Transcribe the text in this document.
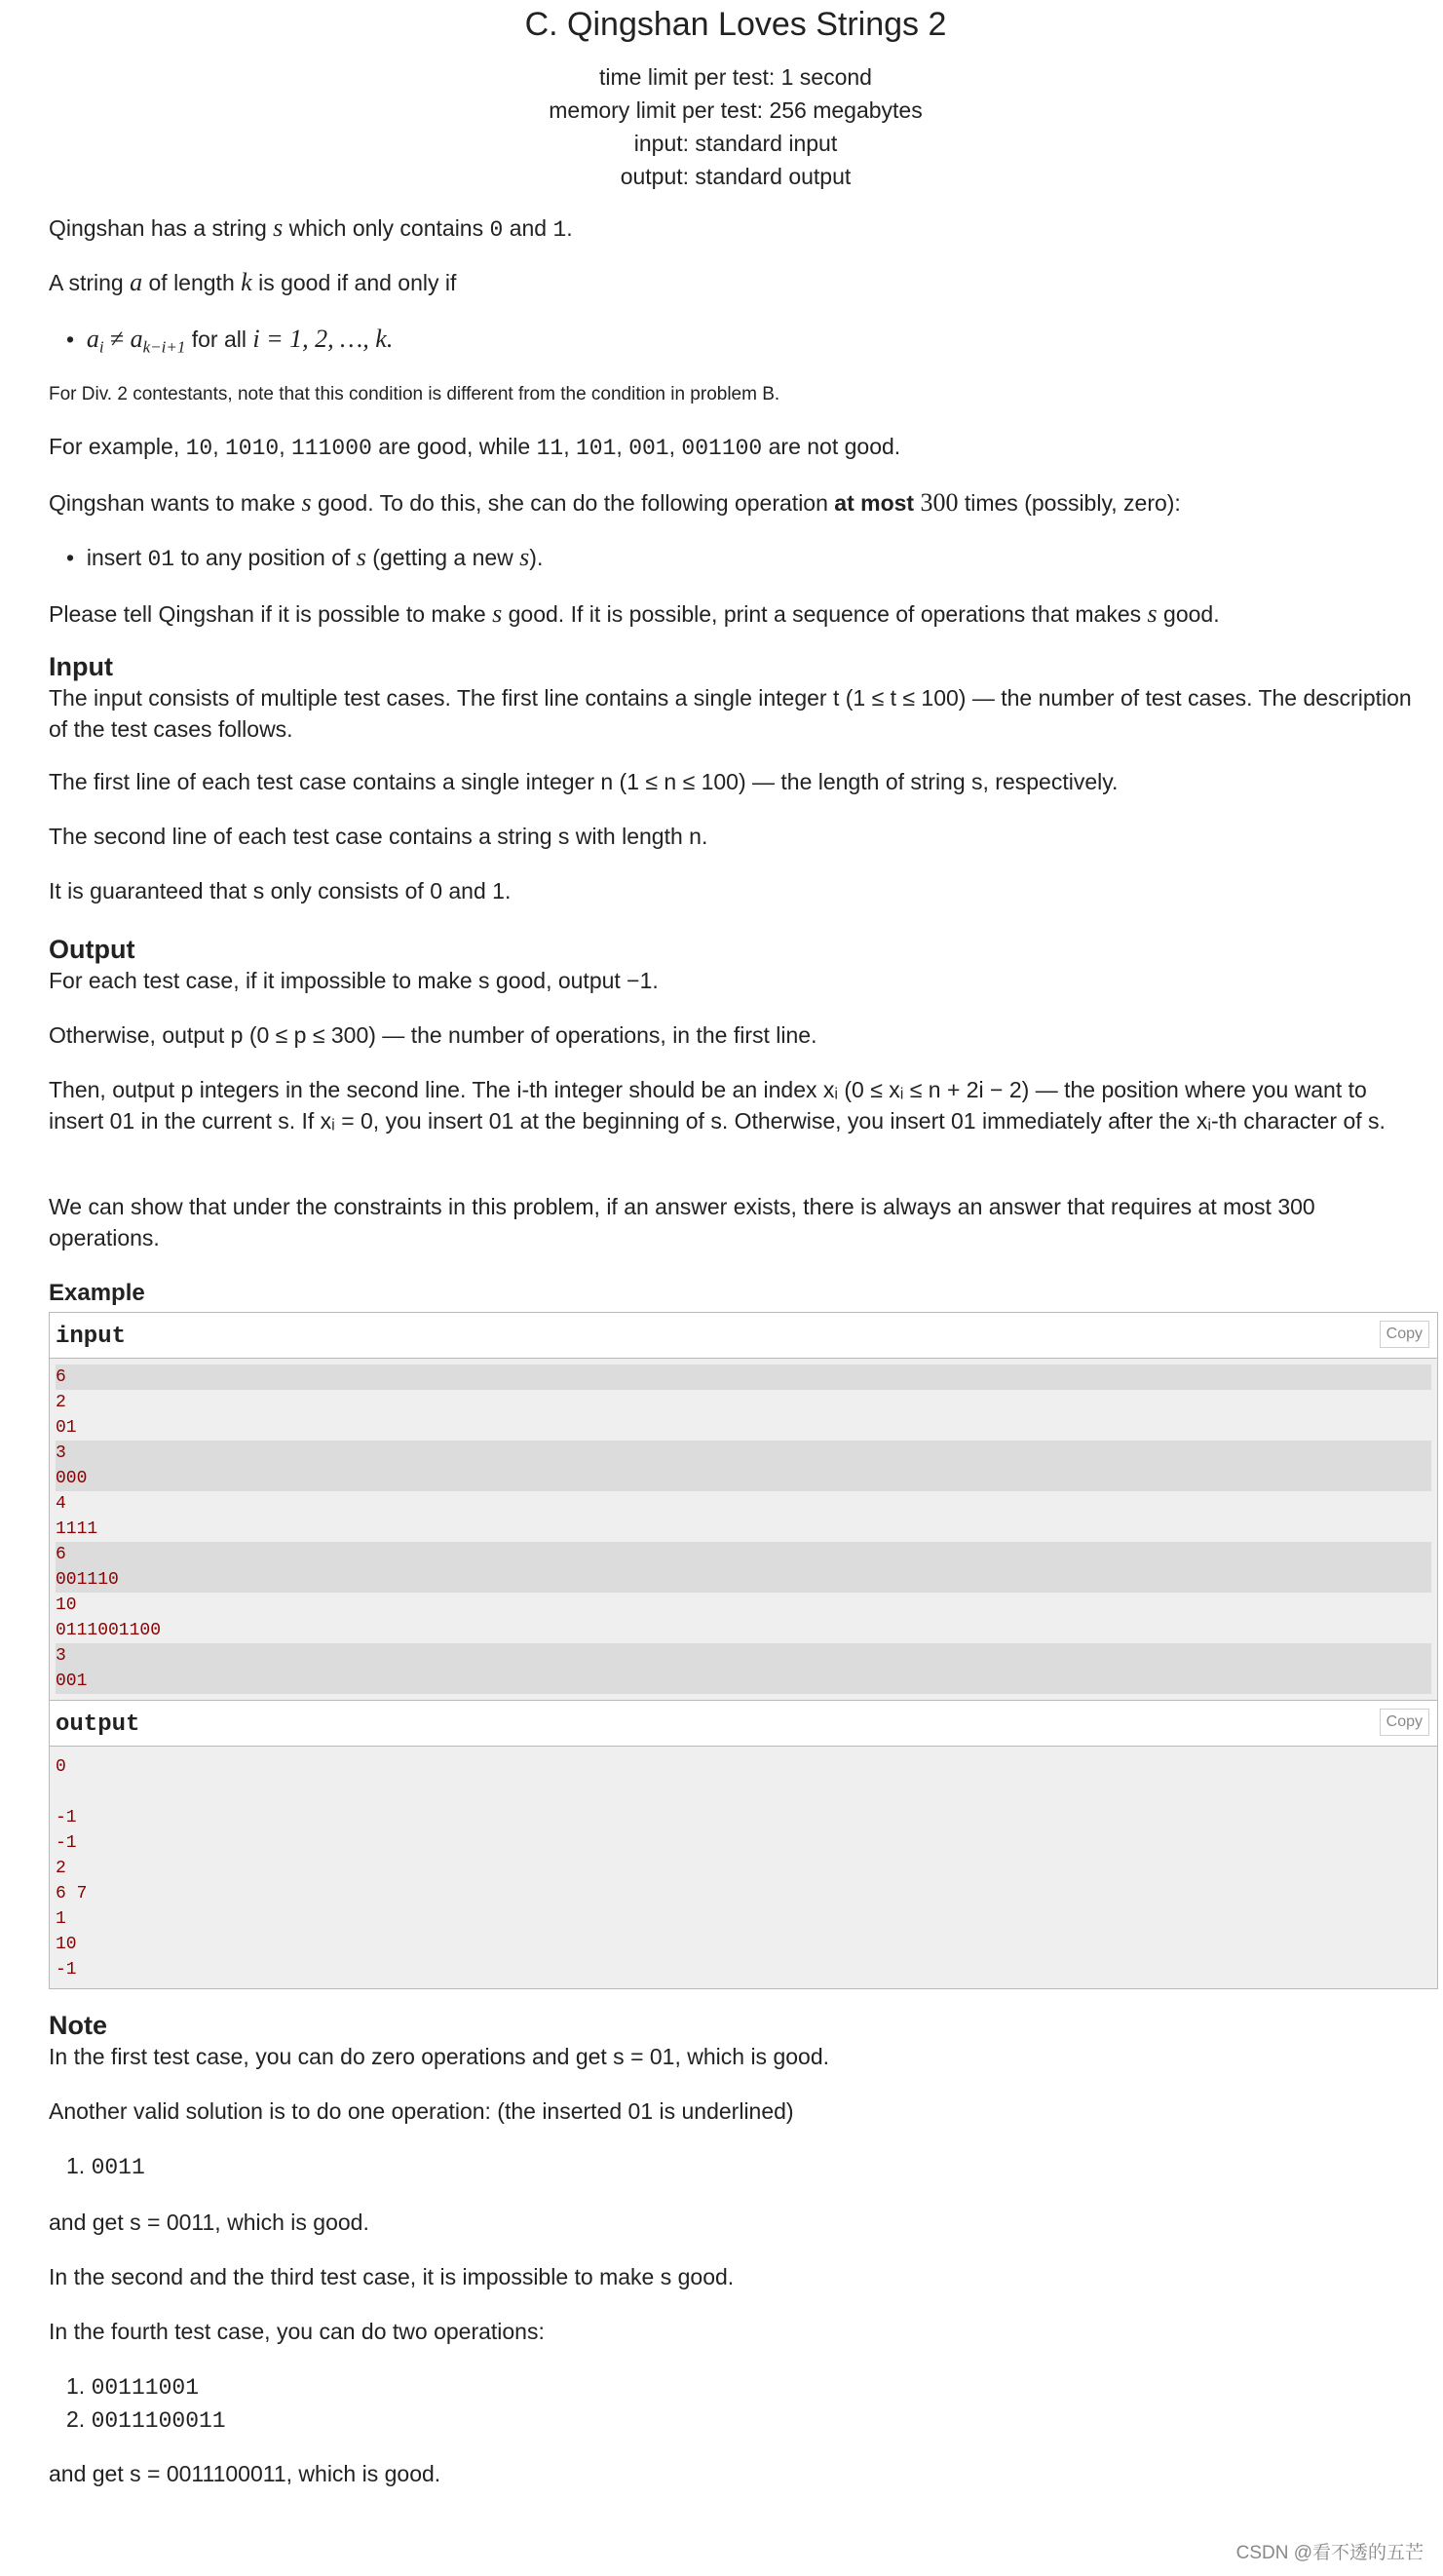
C. Qingshan Loves Strings 2
time limit per test: 1 second
memory limit per test: 256 megabytes
input: standard input
output: standard output
Qingshan has a string s which only contains 0 and 1.
A string a of length k is good if and only if
•  $a_i \ne a_{k-i+1}$ for all i = 1, 2, …, k.
For Div. 2 contestants, note that this condition is different from the condition in problem B.
For example, 10, 1010, 111000 are good, while 11, 101, 001, 001100 are not good.
Qingshan wants to make s good. To do this, she can do the following operation at most 300 times (possibly, zero):
•  insert 01 to any position of s (getting a new s).
Please tell Qingshan if it is possible to make s good. If it is possible, print a sequence of operations that makes s good.
Input
The input consists of multiple test cases. The first line contains a single integer t (1 ≤ t ≤ 100) — the number of test cases. The description of the test cases follows.
The first line of each test case contains a single integer n (1 ≤ n ≤ 100) — the length of string s, respectively.
The second line of each test case contains a string s with length n.
It is guaranteed that s only consists of 0 and 1.
Output
For each test case, if it impossible to make s good, output −1.
Otherwise, output p (0 ≤ p ≤ 300) — the number of operations, in the first line.
Then, output p integers in the second line. The i-th integer should be an index xᵢ (0 ≤ xᵢ ≤ n + 2i − 2) — the position where you want to insert 01 in the current s. If xᵢ = 0, you insert 01 at the beginning of s. Otherwise, you insert 01 immediately after the xᵢ-th character of s.
We can show that under the constraints in this problem, if an answer exists, there is always an answer that requires at most 300 operations.
Example
input	Copy
6
2
01
3
000
4
1111
6
001110
10
0111001100
3
001
output	Copy
0
-1
-1
2
6 7
1
10
-1
Note
In the first test case, you can do zero operations and get s = 01, which is good.
Another valid solution is to do one operation: (the inserted 01 is underlined)
1. 0011
and get s = 0011, which is good.
In the second and the third test case, it is impossible to make s good.
In the fourth test case, you can do two operations:
1. 00111001
2. 0011100011
and get s = 0011100011, which is good.
CSDN @看不透的五芒
